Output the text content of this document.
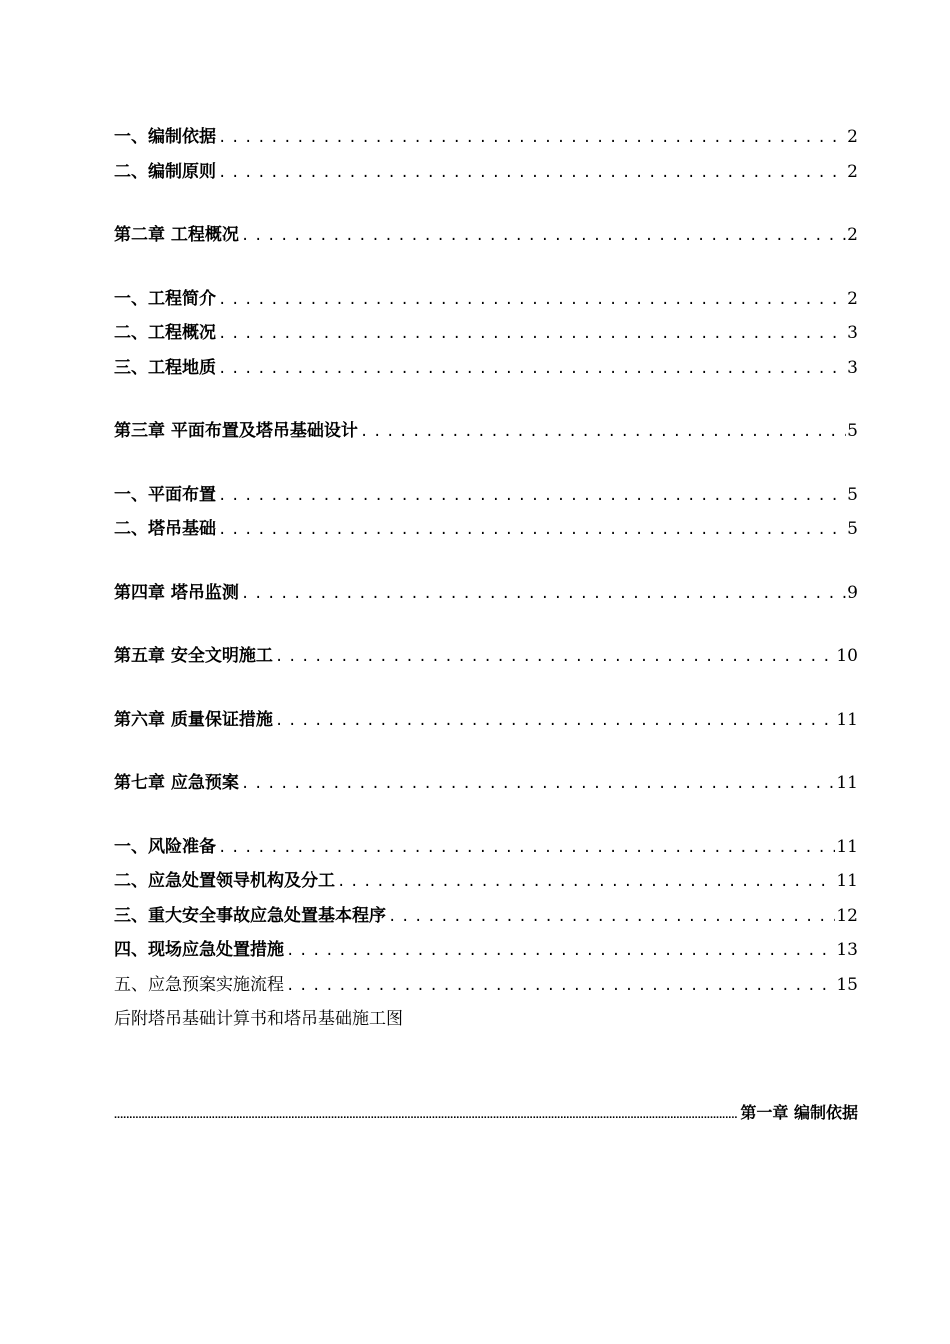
一、编制依据 .....	2
二、编制原则 .....	2
第二章 工程概况 .....	2
一、工程简介 .....	2
二、工程概况 .....	3
三、工程地质 .....	3
第三章 平面布置及塔吊基础设计 .....	5
一、平面布置 .....	5
二、塔吊基础 .....	5
第四章 塔吊监测 .....	9
第五章 安全文明施工 .....	10
第六章 质量保证措施 .....	11
第七章 应急预案 .....	11
一、风险准备 .....	11
二、应急处置领导机构及分工 .....	11
三、重大安全事故应急处置基本程序 .....	12
四、现场应急处置措施 .....	13
五、应急预案实施流程 .....	15
后附塔吊基础计算书和塔吊基础施工图
.....
第一章 编制依据
